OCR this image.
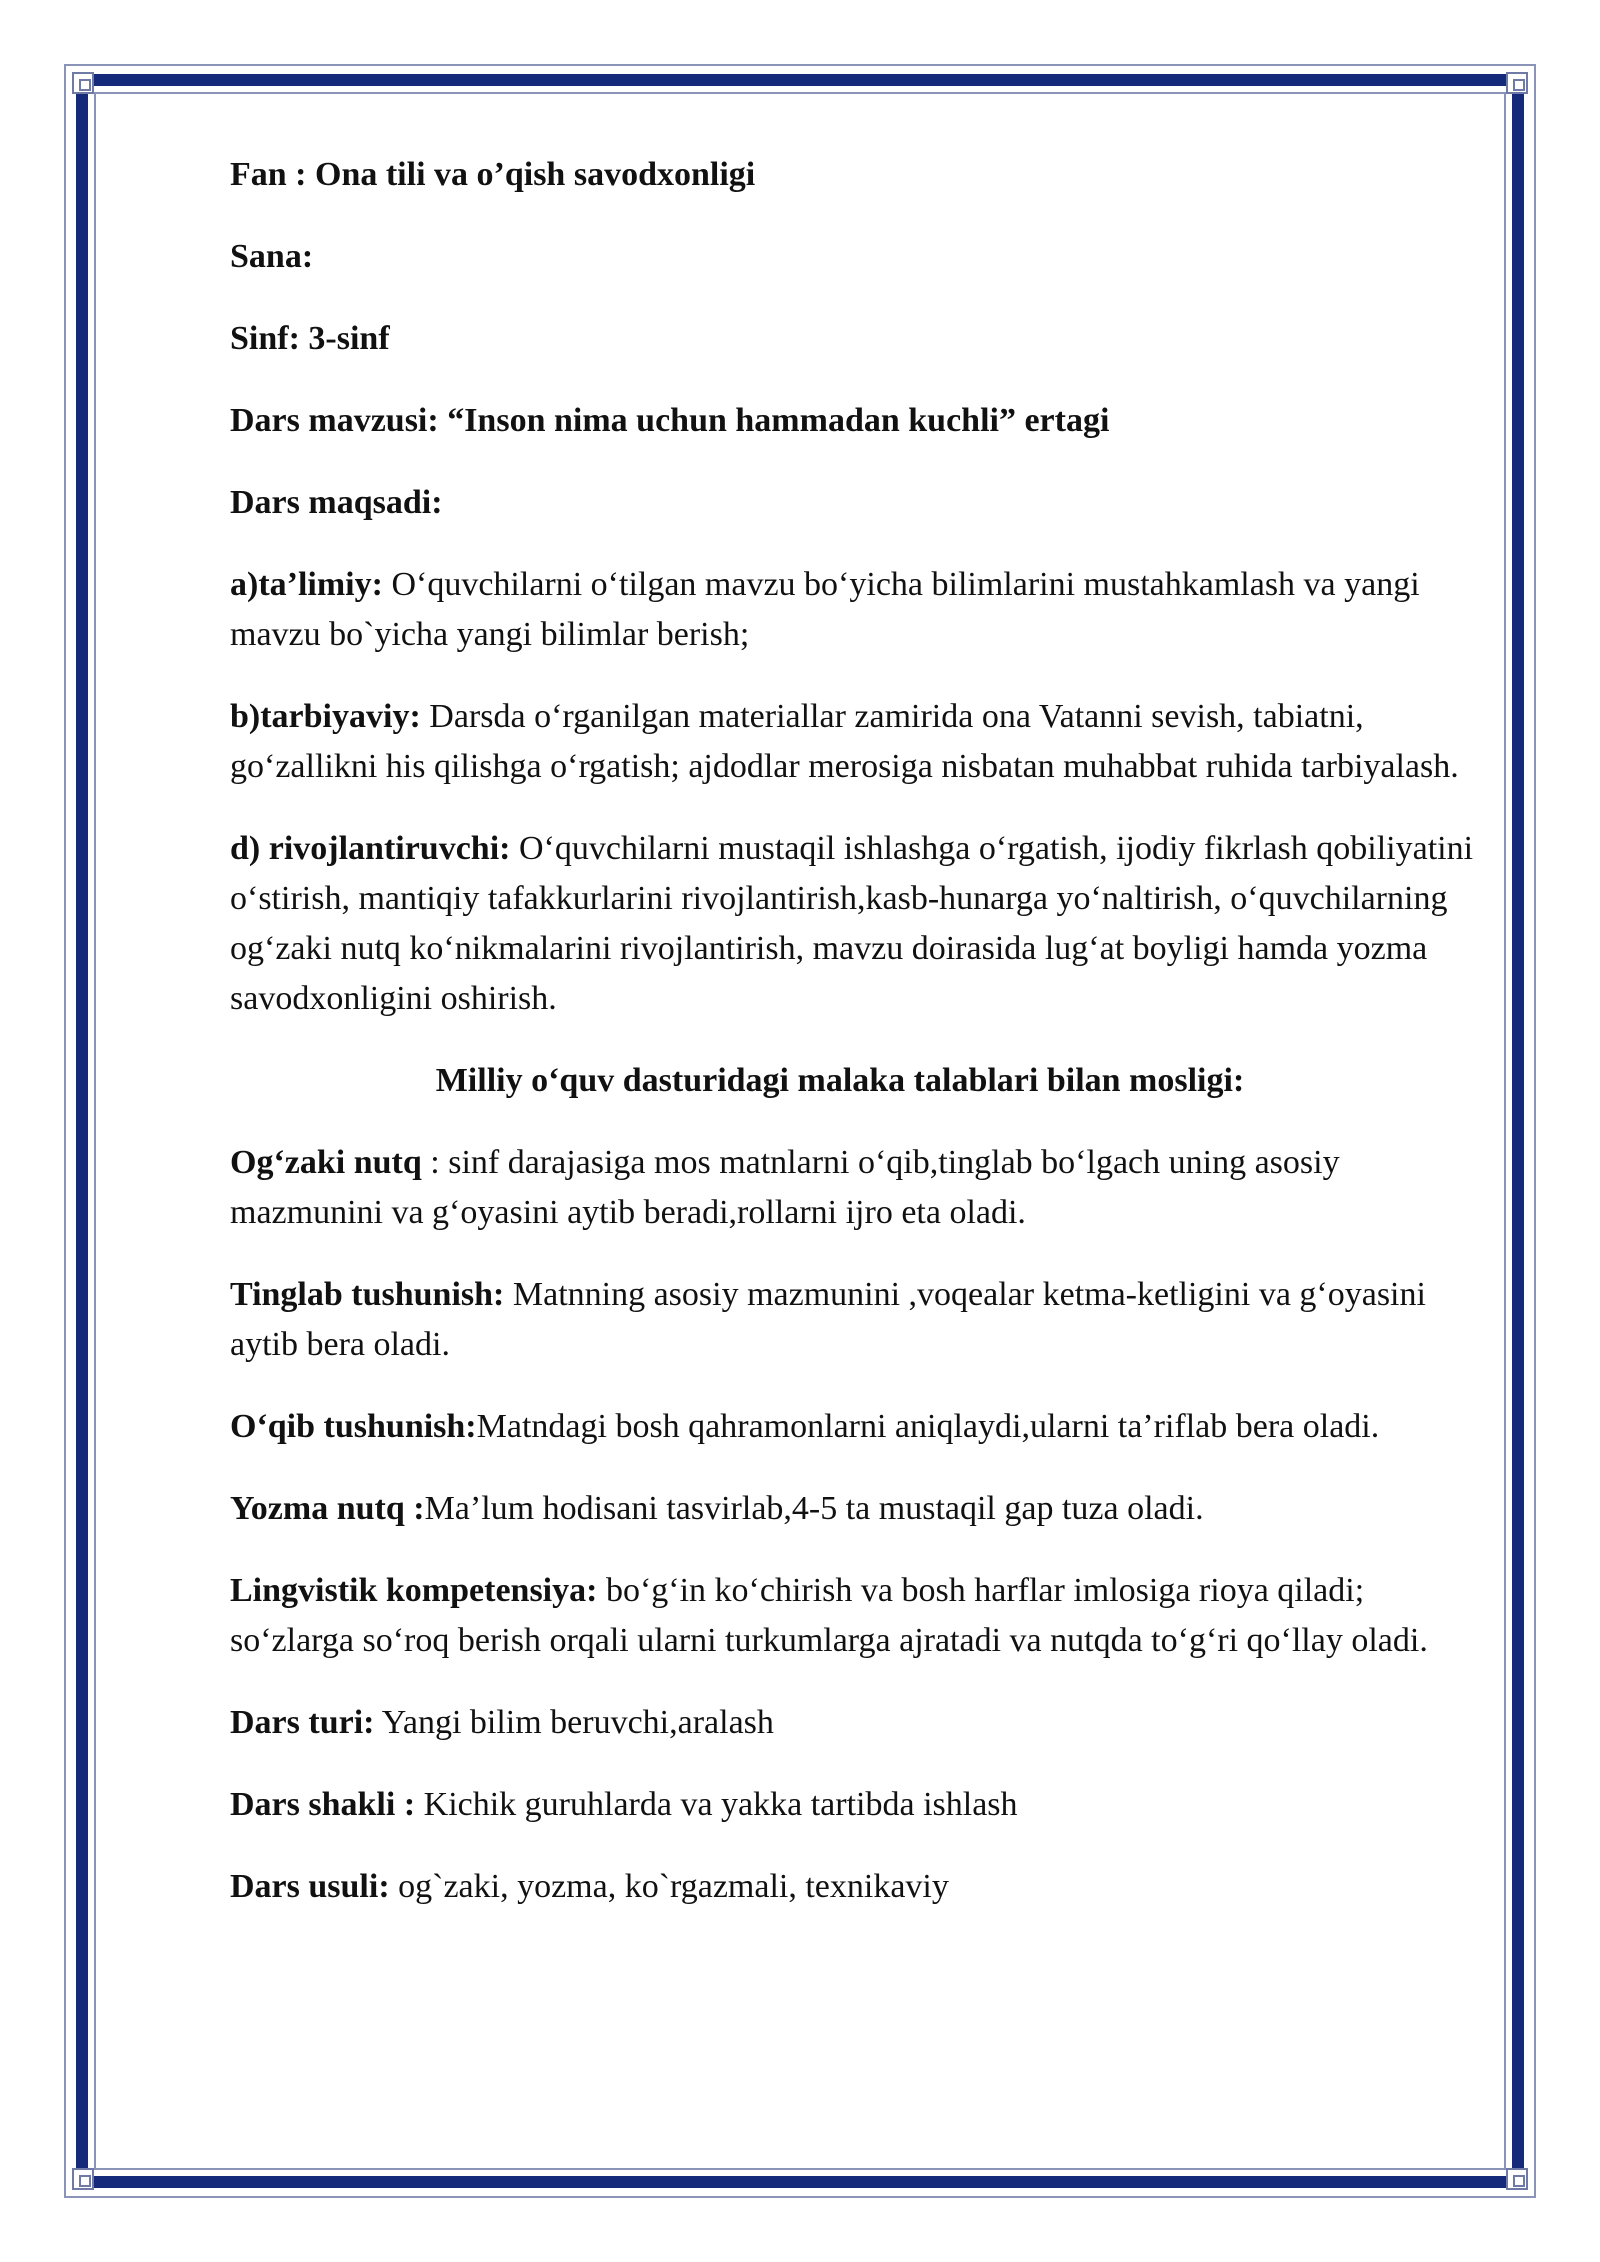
Fan : Ona tili va o’qish savodxonligi
Sana:
Sinf: 3-sinf
Dars mavzusi: “Inson nima uchun hammadan kuchli” ertagi
Dars maqsadi:
a)ta’limiy: O‘quvchilarni o‘tilgan mavzu bo‘yicha bilimlarini mustahkamlash va yangi mavzu bo`yicha yangi bilimlar berish;
b)tarbiyaviy: Darsda o‘rganilgan materiallar zamirida ona Vatanni sevish, tabiatni, go‘zallikni his qilishga o‘rgatish; ajdodlar merosiga nisbatan muhabbat ruhida tarbiyalash.
d) rivojlantiruvchi: O‘quvchilarni mustaqil ishlashga o‘rgatish, ijodiy fikrlash qobiliyatini o‘stirish, mantiqiy tafakkurlarini rivojlantirish,kasb-hunarga yo‘naltirish, o‘quvchilarning og‘zaki nutq ko‘nikmalarini rivojlantirish, mavzu doirasida lug‘at boyligi hamda yozma savodxonligini oshirish.
Milliy o‘quv dasturidagi malaka talablari bilan mosligi:
Og‘zaki nutq : sinf darajasiga mos matnlarni o‘qib,tinglab bo‘lgach uning asosiy mazmunini va g‘oyasini aytib beradi,rollarni ijro eta oladi.
Tinglab tushunish: Matnning asosiy mazmunini ,voqealar ketma-ketligini va g‘oyasini aytib bera oladi.
O‘qib tushunish:Matndagi bosh qahramonlarni aniqlaydi,ularni ta’riflab bera oladi.
Yozma nutq :Ma’lum hodisani tasvirlab,4-5 ta mustaqil gap tuza oladi.
Lingvistik kompetensiya: bo‘g‘in ko‘chirish va bosh harflar imlosiga rioya qiladi; so‘zlarga so‘roq berish orqali ularni turkumlarga ajratadi va nutqda to‘g‘ri qo‘llay oladi.
Dars turi: Yangi bilim beruvchi,aralash
Dars shakli : Kichik guruhlarda va yakka tartibda ishlash
Dars usuli: og`zaki, yozma, ko`rgazmali, texnikaviy
